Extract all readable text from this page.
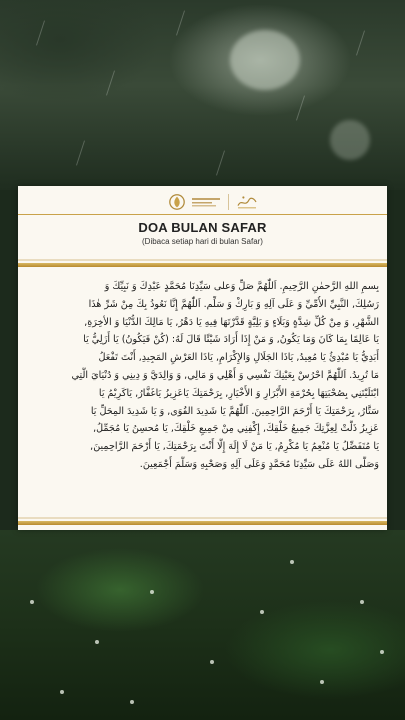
DOA BULAN SAFAR
(Dibaca setiap hari di bulan Safar)
بِسمِ اللهِ الرَّحمٰنِ الرَّحِيمِ. اَللّٰهُمَّ صَلِّ وَعلى سَيِّدِنَا مُحَمَّدٍ عَبْدِكَ وَ نَبِيِّكَ وَ
رَسُلِكَ, النَّبِيِّ الأُمِّيِّ وَ عَلَى آلِهِ وَ بَارِكْ وَ سَلِّم. اَللّٰهُمَّ إِنَّا نَعُوذُ بِكَ مِنْ شَرِّ هٰذَا
الشَّهْرِ, وَ مِنْ كُلِّ شِدَّةٍ وَبَلَاءٍ وَ بَلِيَّةٍ قَدَّرْتَهَا فِيهِ يَا دَهْرُ, يَا مَالِكَ الدُّنْيَا وَ الأخِرَةِ,
يَا عَالِمًا بِمَا كَانَ وَمَا يَكُونُ, وَ مَنْ إِذَا أَرَادَ شَيْئًا قَالَ لَهُ: (كُنْ فَيَكُونُ) يَا أَزَلِيُّ يَا
أَبَدِيُّ يَا مُبْدِئُ يَا مُعِيدُ, يَاذَا الجَلَالِ وَالإِكْرَامِ, يَاذَا العَرْشِ المَجِيدِ, أَنْتَ تَفْعَلُ
مَا تُرِيدُ. اَللّٰهُمَّ احْرُسْ بِعَيْنِكَ نَفْسِي وَ أَهْلِي وَ مَالِي, وَ وَالِدَيَّ وَ دِينِي وَ دُنْيَايَ الَّتِي
ابْتَلَيْتَنِي بِصُحْبَتِهَا بِحُرْمَةِ الأَبْرَارِ وَ الأَخْيَارِ, بِرَحْمَتِكَ يَاعَزِيزُ يَاغَفَّارُ, يَاكَرِيْمُ يَا
سَتَّارُ, بِرَحْمَتِكَ يَا أَرْحَمَ الرَّاحِمِينَ. اَللّٰهُمَّ يَا شَدِيدَ القُوَى, وَ يَا شَدِيدَ المِحَلِّ يَا
عَزِيزُ ذَلَّتْ لِعِزَّتِكَ جَمِيعُ خَلْقِكَ, إِكْفِنِي مِنْ جَمِيعِ خَلْقِكَ, يَا مُحسِنُ يَا مُجَمِّلُ,
يَا مُتَفَضِّلُ يَا مُنْعِمُ يَا مُكْرِمُ, يَا مَنْ لَا إِلَهَ إِلَّا أَنْتَ بِرَحْمَتِكَ, يَا أَرْحَمَ الرَّاحِمِينَ,
وَصَلَّى اللهُ عَلَى سَيِّدِنَا مُحَمَّدٍ وَعَلَى آلِهِ وَصَحْبِهِ وَسَلَّمَ أَجْمَعِينَ.
